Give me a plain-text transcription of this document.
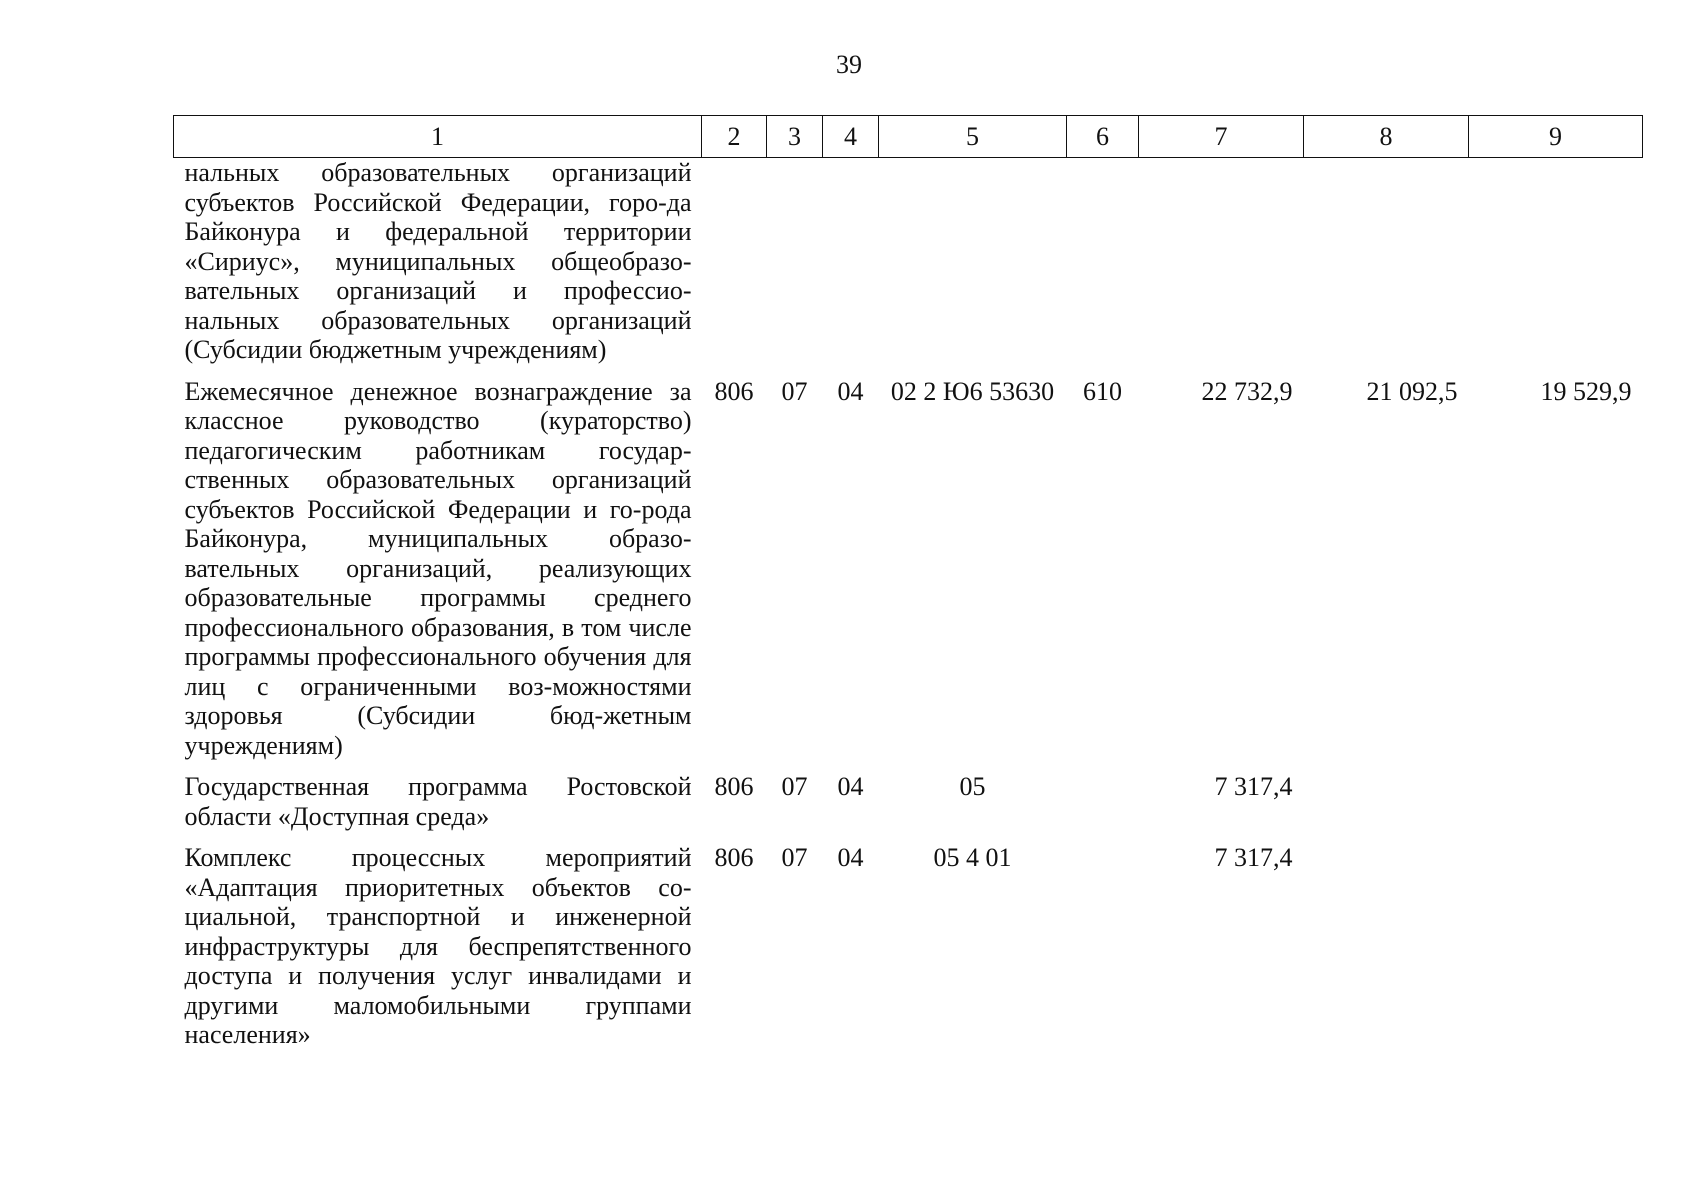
39
1	2	3	4	5	6	7	8	9
нальных образовательных организаций субъектов Российской Федерации, горо-да Байконура и федеральной территории «Сириус», муниципальных общеобразо-вательных организаций и профессио-нальных образовательных организаций (Субсидии бюджетным учреждениям)								
Ежемесячное денежное вознаграждение за классное руководство (кураторство) педагогическим работникам государ-ственных образовательных организаций субъектов Российской Федерации и го-рода Байконура, муниципальных образо-вательных организаций, реализующих образовательные программы среднего профессионального образования, в том числе программы профессионального обучения для лиц с ограниченными воз-можностями здоровья (Субсидии бюд-жетным учреждениям)	806	07	04	02 2 Ю6 53630	610	22 732,9	21 092,5	19 529,9
Государственная программа Ростовской области «Доступная среда»	806	07	04	05		7 317,4		
Комплекс процессных мероприятий «Адаптация приоритетных объектов со-циальной, транспортной и инженерной инфраструктуры для беспрепятственного доступа и получения услуг инвалидами и другими маломобильными группами населения»	806	07	04	05 4 01		7 317,4		
